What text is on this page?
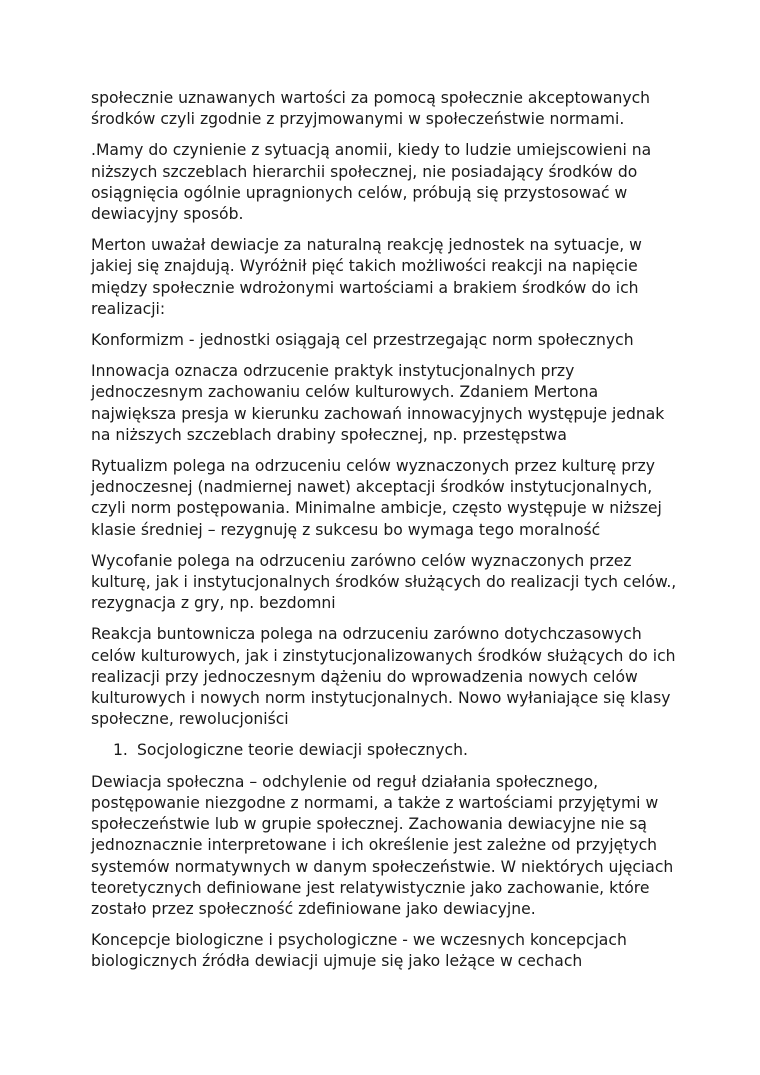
społecznie uznawanych wartości za pomocą społecznie akceptowanych
środków czyli zgodnie z przyjmowanymi w społeczeństwie normami.

.Mamy do czynienie z sytuacją anomii, kiedy to ludzie umiejscowieni na
niższych szczeblach hierarchii społecznej, nie posiadający środków do
osiągnięcia ogólnie upragnionych celów, próbują się przystosować w
dewiacyjny sposób.

Merton uważał dewiacje za naturalną reakcję jednostek na sytuacje, w
jakiej się znajdują. Wyróżnił pięć takich możliwości reakcji na napięcie
między społecznie wdrożonymi wartościami a brakiem środków do ich
realizacji:

Konformizm - jednostki osiągają cel przestrzegając norm społecznych

Innowacja oznacza odrzucenie praktyk instytucjonalnych przy
jednoczesnym zachowaniu celów kulturowych. Zdaniem Mertona
największa presja w kierunku zachowań innowacyjnych występuje jednak
na niższych szczeblach drabiny społecznej, np. przestępstwa

Rytualizm polega na odrzuceniu celów wyznaczonych przez kulturę przy
jednoczesnej (nadmiernej nawet) akceptacji środków instytucjonalnych,
czyli norm postępowania. Minimalne ambicje, często występuje w niższej
klasie średniej – rezygnuję z sukcesu bo wymaga tego moralność

Wycofanie polega na odrzuceniu zarówno celów wyznaczonych przez
kulturę, jak i instytucjonalnych środków służących do realizacji tych celów.,
rezygnacja z gry, np. bezdomni

Reakcja buntownicza polega na odrzuceniu zarówno dotychczasowych
celów kulturowych, jak i zinstytucjonalizowanych środków służących do ich
realizacji przy jednoczesnym dążeniu do wprowadzenia nowych celów
kulturowych i nowych norm instytucjonalnych. Nowo wyłaniające się klasy
społeczne, rewolucjoniści

1. Socjologiczne teorie dewiacji społecznych.

Dewiacja społeczna – odchylenie od reguł działania społecznego,
postępowanie niezgodne z normami, a także z wartościami przyjętymi w
społeczeństwie lub w grupie społecznej. Zachowania dewiacyjne nie są
jednoznacznie interpretowane i ich określenie jest zależne od przyjętych
systemów normatywnych w danym społeczeństwie. W niektórych ujęciach
teoretycznych definiowane jest relatywistycznie jako zachowanie, które
zostało przez społeczność zdefiniowane jako dewiacyjne.

Koncepcje biologiczne i psychologiczne - we wczesnych koncepcjach
biologicznych źródła dewiacji ujmuje się jako leżące w cechach
